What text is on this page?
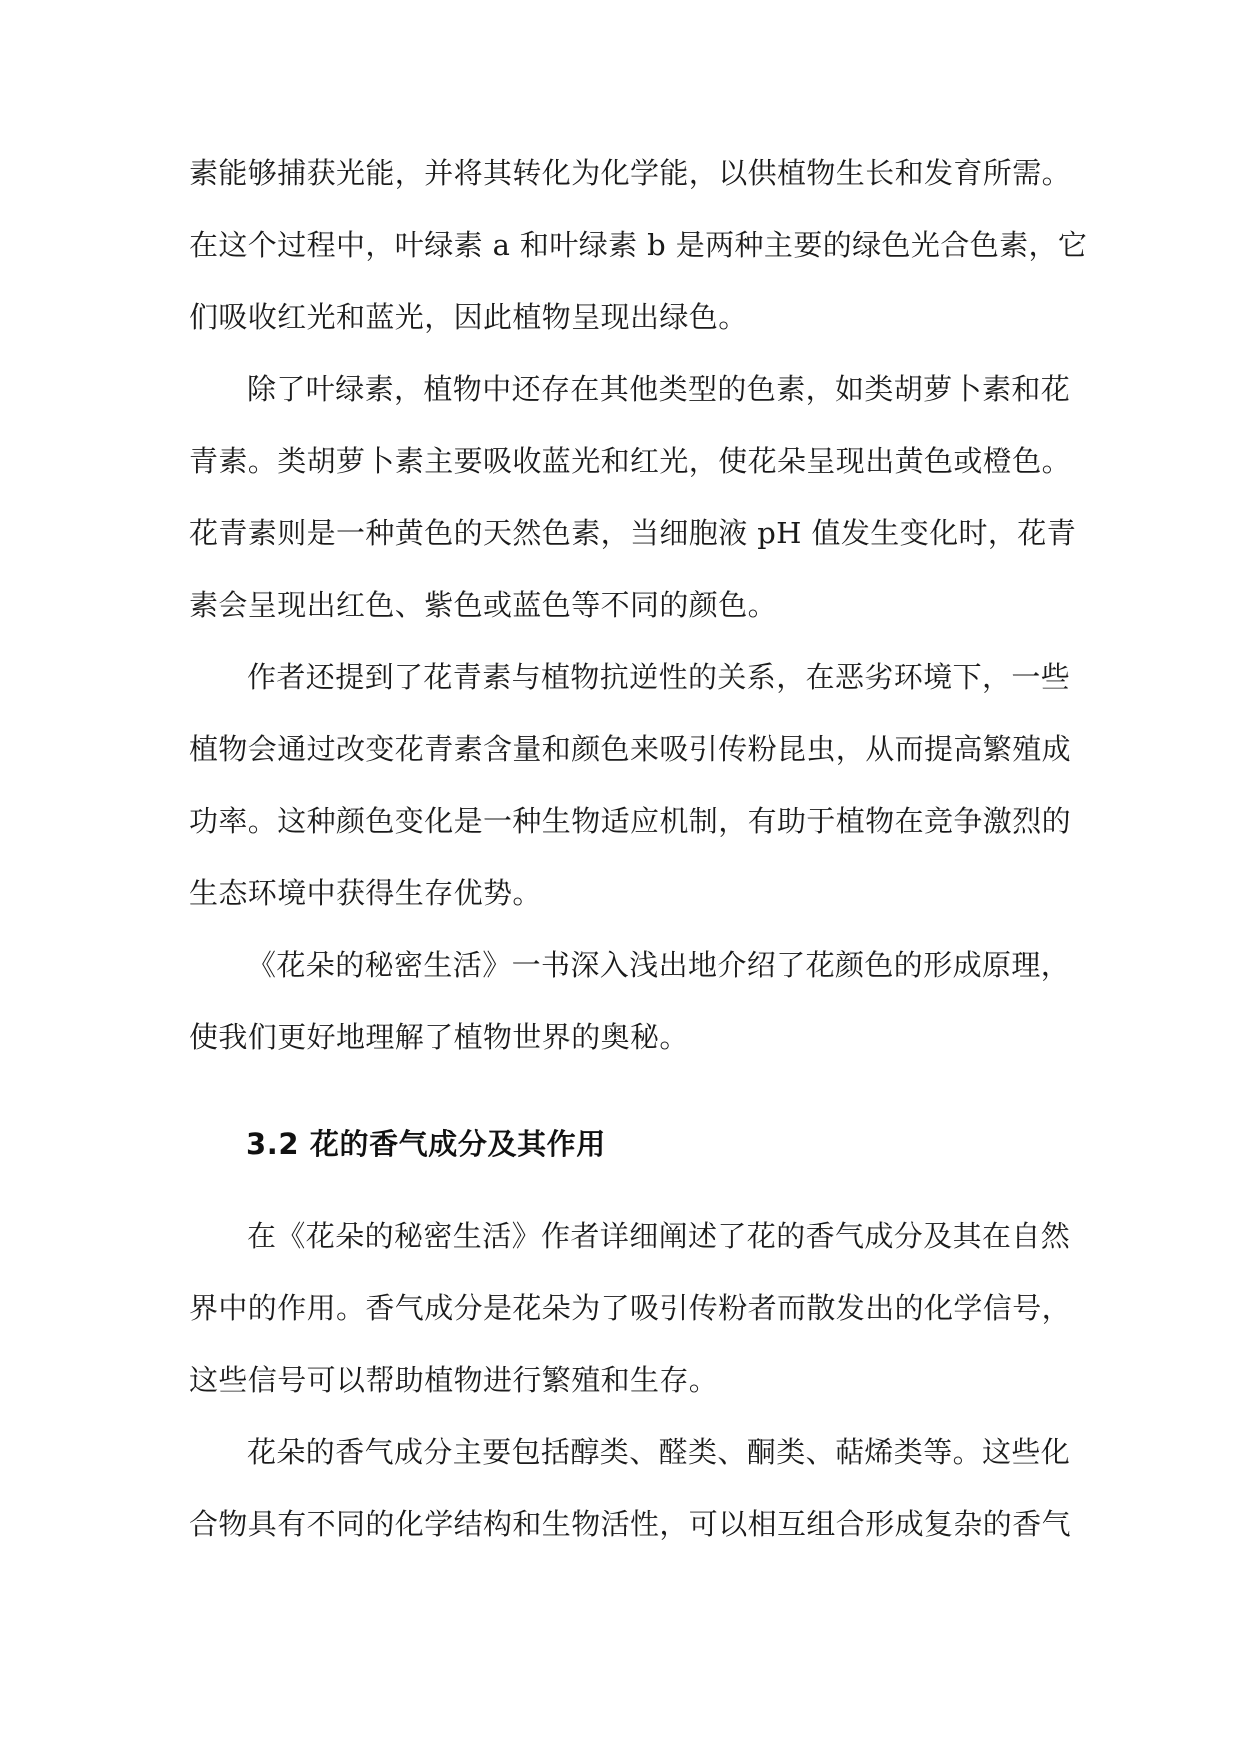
素能够捕获光能，并将其转化为化学能，以供植物生长和发育所需。
在这个过程中，叶绿素 a 和叶绿素 b 是两种主要的绿色光合色素，它
们吸收红光和蓝光，因此植物呈现出绿色。
除了叶绿素，植物中还存在其他类型的色素，如类胡萝卜素和花
青素。类胡萝卜素主要吸收蓝光和红光，使花朵呈现出黄色或橙色。
花青素则是一种黄色的天然色素，当细胞液 pH 值发生变化时，花青
素会呈现出红色、紫色或蓝色等不同的颜色。
作者还提到了花青素与植物抗逆性的关系，在恶劣环境下，一些
植物会通过改变花青素含量和颜色来吸引传粉昆虫，从而提高繁殖成
功率。这种颜色变化是一种生物适应机制，有助于植物在竞争激烈的
生态环境中获得生存优势。
《花朵的秘密生活》一书深入浅出地介绍了花颜色的形成原理，
使我们更好地理解了植物世界的奥秘。
3.2 花的香气成分及其作用
在《花朵的秘密生活》作者详细阐述了花的香气成分及其在自然
界中的作用。香气成分是花朵为了吸引传粉者而散发出的化学信号，
这些信号可以帮助植物进行繁殖和生存。
花朵的香气成分主要包括醇类、醛类、酮类、萜烯类等。这些化
合物具有不同的化学结构和生物活性，可以相互组合形成复杂的香气
